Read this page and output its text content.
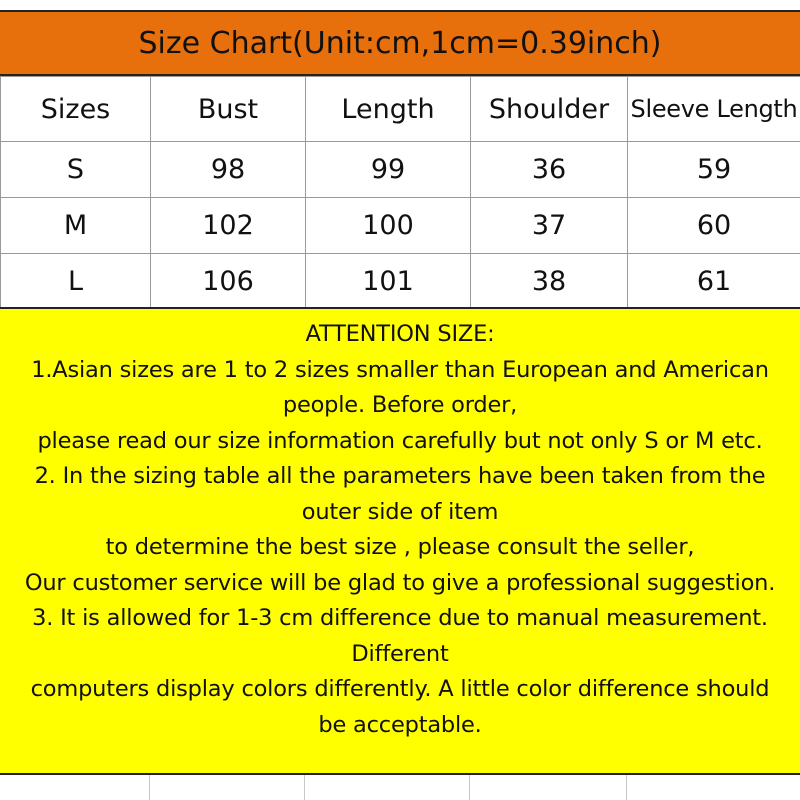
Size Chart(Unit:cm,1cm=0.39inch)
Sizes	Bust	Length	Shoulder	Sleeve Length
S	98	99	36	59
M	102	100	37	60
L	106	101	38	61
ATTENTION SIZE:
1.Asian sizes are 1 to 2 sizes smaller than European and American
people. Before order,
please read our size information carefully but not only S or M etc.
2. In the sizing table all the parameters have been taken from the
outer side of item
to determine the best size , please consult the seller,
Our customer service will be glad to give a professional suggestion.
3. It is allowed for 1-3 cm difference due to manual measurement.
Different
computers display colors differently. A little color difference should
be acceptable.
